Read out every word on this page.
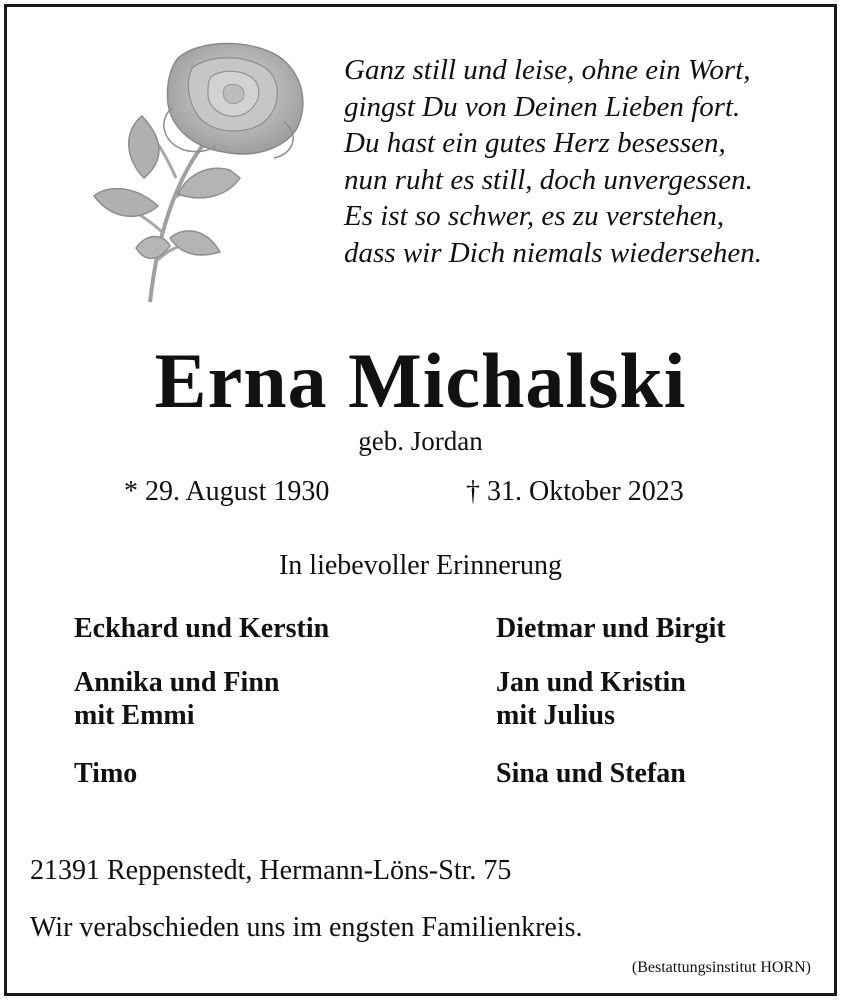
Ganz still und leise, ohne ein Wort,
gingst Du von Deinen Lieben fort.
Du hast ein gutes Herz besessen,
nun ruht es still, doch unvergessen.
Es ist so schwer, es zu verstehen,
dass wir Dich niemals wiedersehen.
Erna Michalski
geb. Jordan
* 29. August 1930	† 31. Oktober 2023
In liebevoller Erinnerung
Eckhard und Kerstin
Annika und Finn
mit Emmi
Timo
Dietmar und Birgit
Jan und Kristin
mit Julius
Sina und Stefan
21391 Reppenstedt, Hermann-Löns-Str. 75
Wir verabschieden uns im engsten Familienkreis.
(Bestattungsinstitut HORN)
